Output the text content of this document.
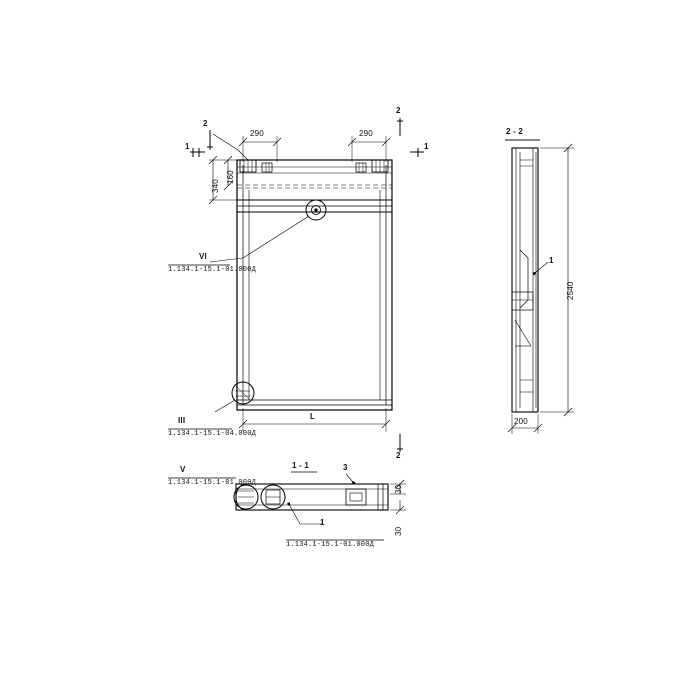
2
2
2
1	1
290	290
340
160
L
VI
1.134.1-15.1-01.000Д
III
1.134.1-15.1-04.000Д
V
1.134.1-15.1-01.000Д
2 - 2
2540
200
1
1 - 1	3
1
1.134.1-15.1-01.000Д
30
30
